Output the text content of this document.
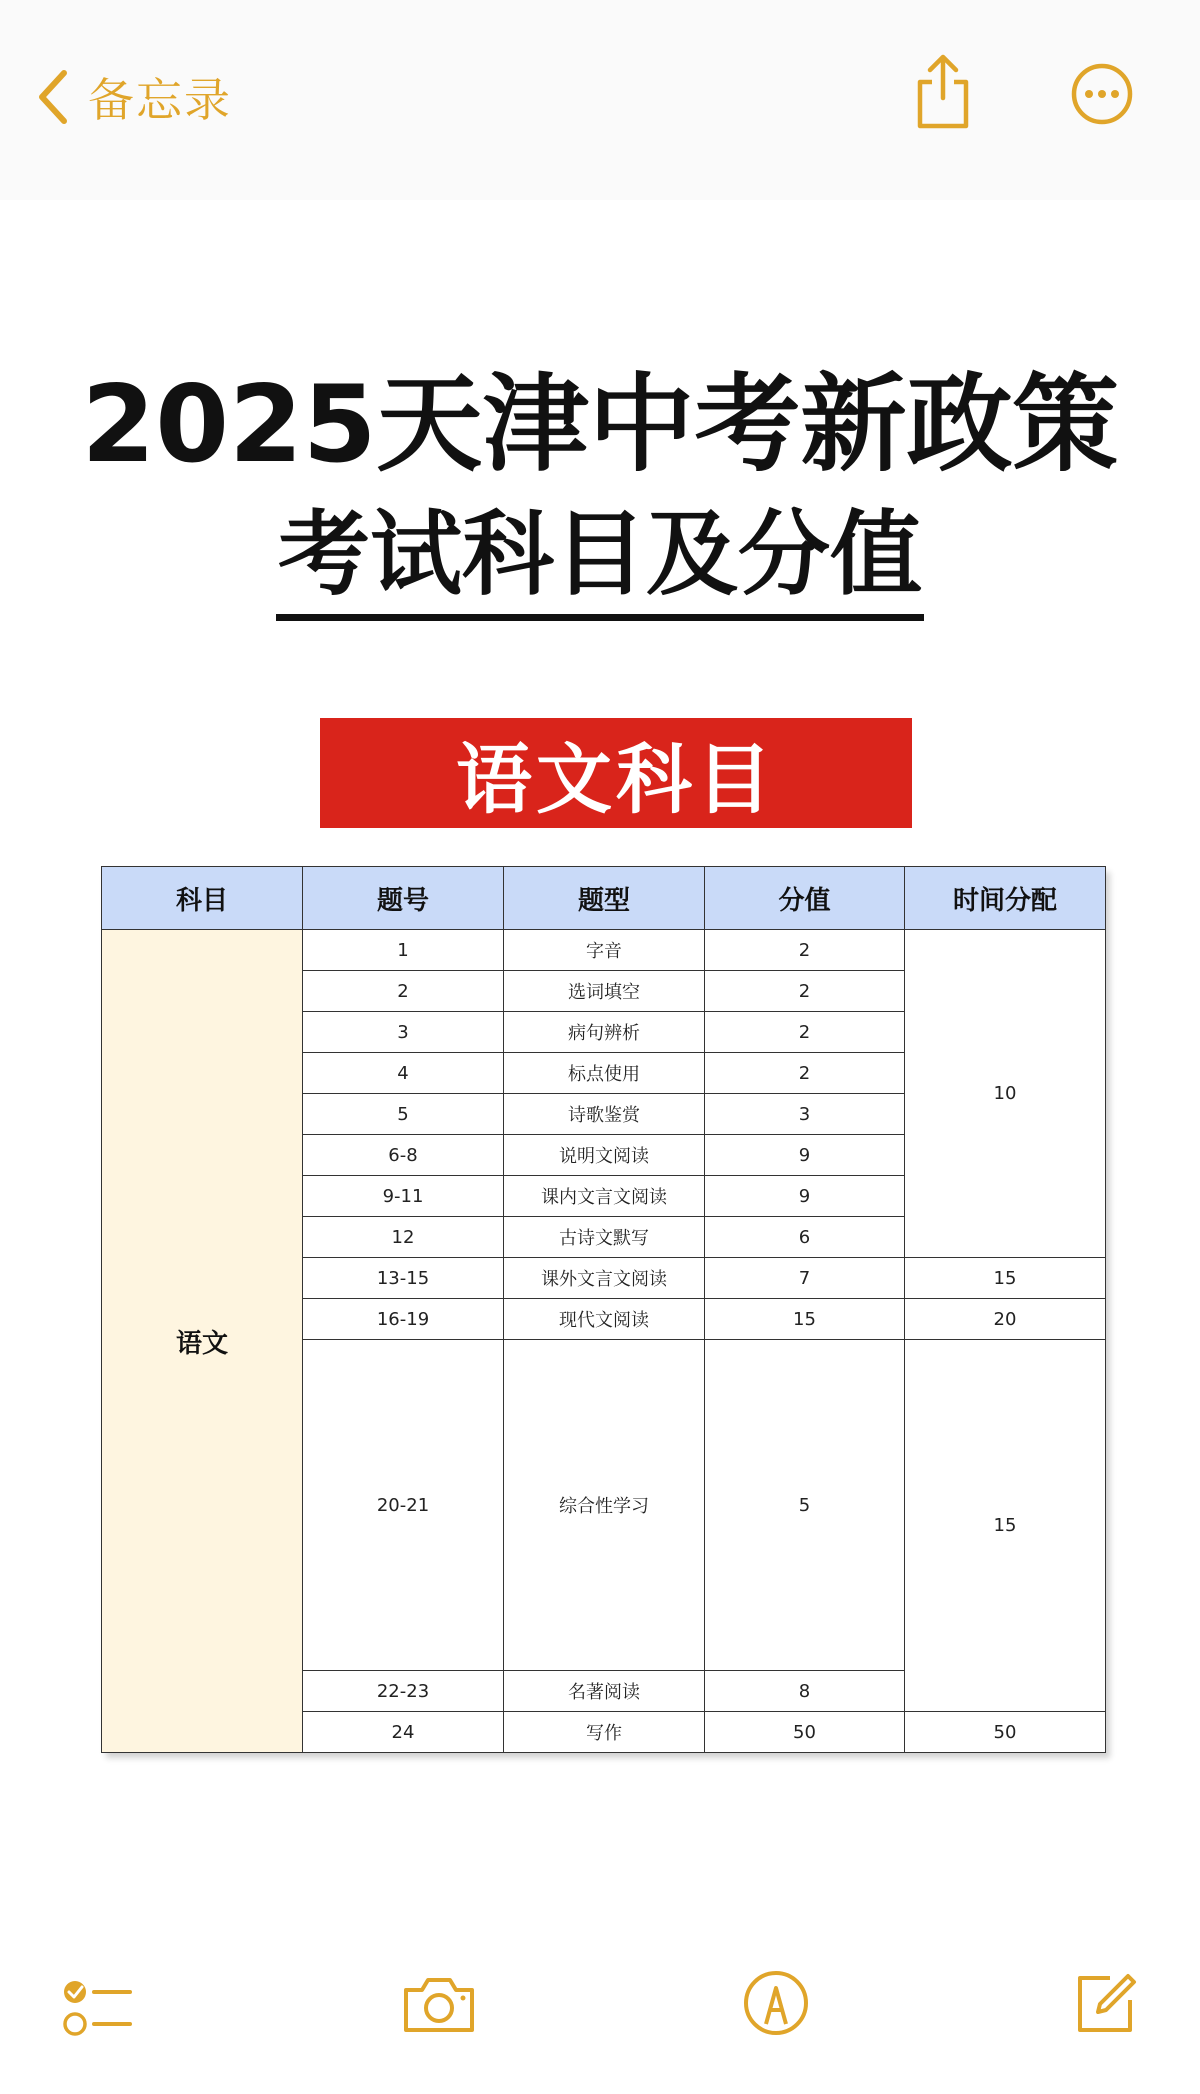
备忘录
2025天津中考新政策
考试科目及分值
语文科目
科目	题号	题型	分值	时间分配
语文	1	字音	2	10
	2	选词填空	2	
	3	病句辨析	2	
	4	标点使用	2	
	5	诗歌鉴赏	3	
	6-8	说明文阅读	9	
	9-11	课内文言文阅读	9	
	12	古诗文默写	6	
	13-15	课外文言文阅读	7	15
	16-19	现代文阅读	15	20
	20-21	综合性学习	5	15
	22-23	名著阅读	8	
	24	写作	50	50
